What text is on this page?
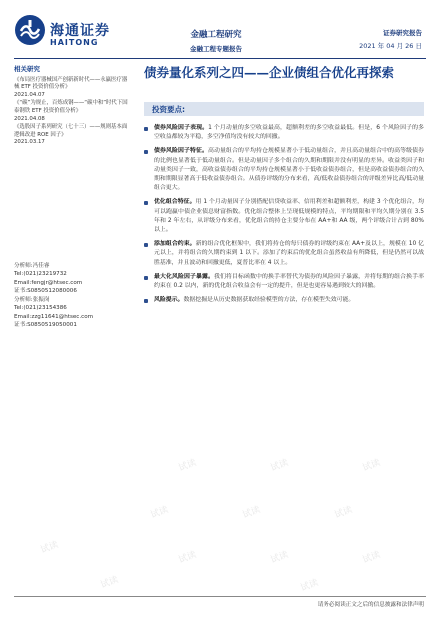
海通证券
HAITONG
金融工程研究
金融工程专题报告
证券研究报告
2021 年 04 月 26 日
相关研究
《布局医疗器械国产创新新时代——永赢医疗器械 ETF 投资价值分析》
2021.04.07
《“碳”为规止，百炼成钢——“碳中和”时代下国泰钢铁 ETF 投资价值分析》
2021.04.08
《选股因子系列研究（七十三）——规则基本面逻辑改进 ROE 因子》
2021.03.17
分析师:冯佳睿
Tel:(021)23219732
Email:fengjr@htsec.com
证书:S0850512080006
分析师:张振岗
Tel:(021)23154386
Email:zzg11641@htsec.com
证书:S0850519050001
债券量化系列之四——企业债组合优化再探索
投资要点:
债券风险因子表现。1 个月动量的多空收益最高，超额利差的多空收益最低。但是，6 个风险因子的多空收益都较为平稳，多空净值均没有较大的回撤。
债券风险因子特征。高动量组合的平均持仓规模显著小于低动量组合，并且高动量组合中的高等级债券的比例也显著低于低动量组合。但是动量因子多个组合的久期和期限并没有明显的差异。收益类因子和动量类因子一致，高收益债券组合的平均持仓规模显著小于低收益债券组合，但是高收益债券组合的久期和期限显著高于低收益债券组合。从债券评级的分布来看，高/低收益债券组合的评级差异比高/低动量组合更大。
优化组合特征。用 1 个月动量因子分别搭配信贷收益率、信用利差和超额利差，构建 3 个优化组合，均可以跑赢中债企业债总财富指数。优化组合整体上呈现低规模的特点，平均期限和平均久期分别在 3.5 年和 2 年左右，从评级分布来看，优化组合的持仓主要分布在 AA+和 AA 级，两个评级合计占到 80%以上。
添加组合约束。新的组合优化框架中，我们将持仓的每只债券的评级约束在 AA+及以上，规模在 10 亿元以上，并将组合的久期约束到 1 以下。添加了约束后的优化组合虽然收益有所降低，但是仍然可以战胜基准，并且波动和回撤更低，夏普比率在 4 以上。
最大化风险因子暴露。我们将目标函数中的换手率替代为债券的风险因子暴露，并将每期的组合换手率约束在 0.2 以内，新的优化组合收益会有一定的提升，但是也更容易遇到较大的回撤。
风险提示。数据挖掘是从历史数据获取经验模型的方法，存在模型失效可能。
试读	试读	试读
试读	试读	试读
试读
试读	试读	试读
试读	试读
请务必阅读正文之后的信息披露和法律声明
